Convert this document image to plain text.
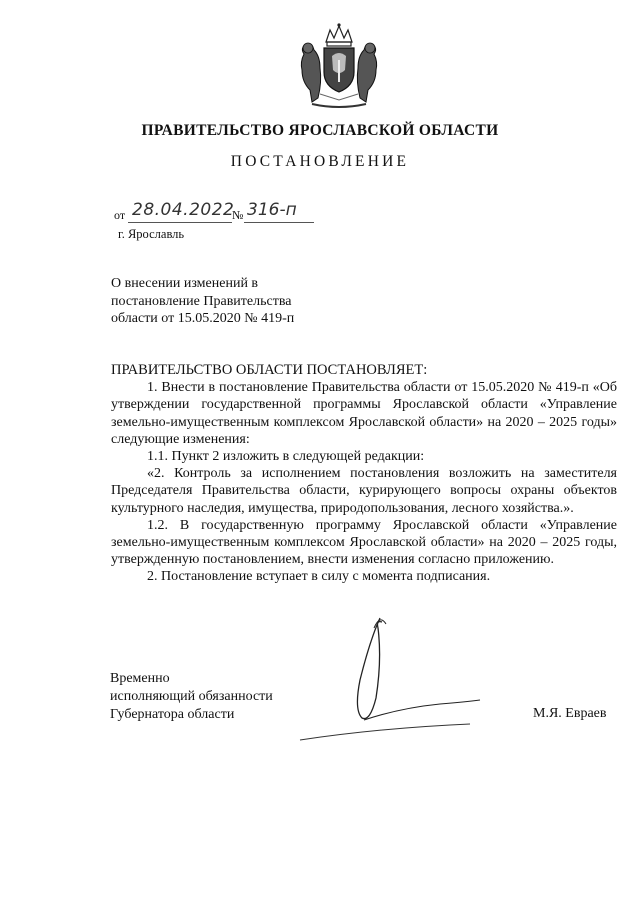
ПРАВИТЕЛЬСТВО ЯРОСЛАВСКОЙ ОБЛАСТИ
ПОСТАНОВЛЕНИЕ
от 28.04.2022
№ 316-п
г. Ярославль
О внесении изменений в
постановление Правительства
области от 15.05.2020 № 419-п

ПРАВИТЕЛЬСТВО ОБЛАСТИ ПОСТАНОВЛЯЕТ:

1. Внести в постановление Правительства области от 15.05.2020 № 419-п «Об утверждении государственной программы Ярославской области «Управление земельно-имущественным комплексом Ярославской области» на 2020 – 2025 годы» следующие изменения:

1.1. Пункт 2 изложить в следующей редакции:

«2. Контроль за исполнением постановления возложить на заместителя Председателя Правительства области, курирующего вопросы охраны объектов культурного наследия, имущества, природопользования, лесного хозяйства.».

1.2. В государственную программу Ярославской области «Управление земельно-имущественным комплексом Ярославской области» на 2020 – 2025 годы, утвержденную постановлением, внести изменения согласно приложению.

2. Постановление вступает в силу с момента подписания.

Временно
исполняющий обязанности
Губернатора области	М.Я. Евраев
